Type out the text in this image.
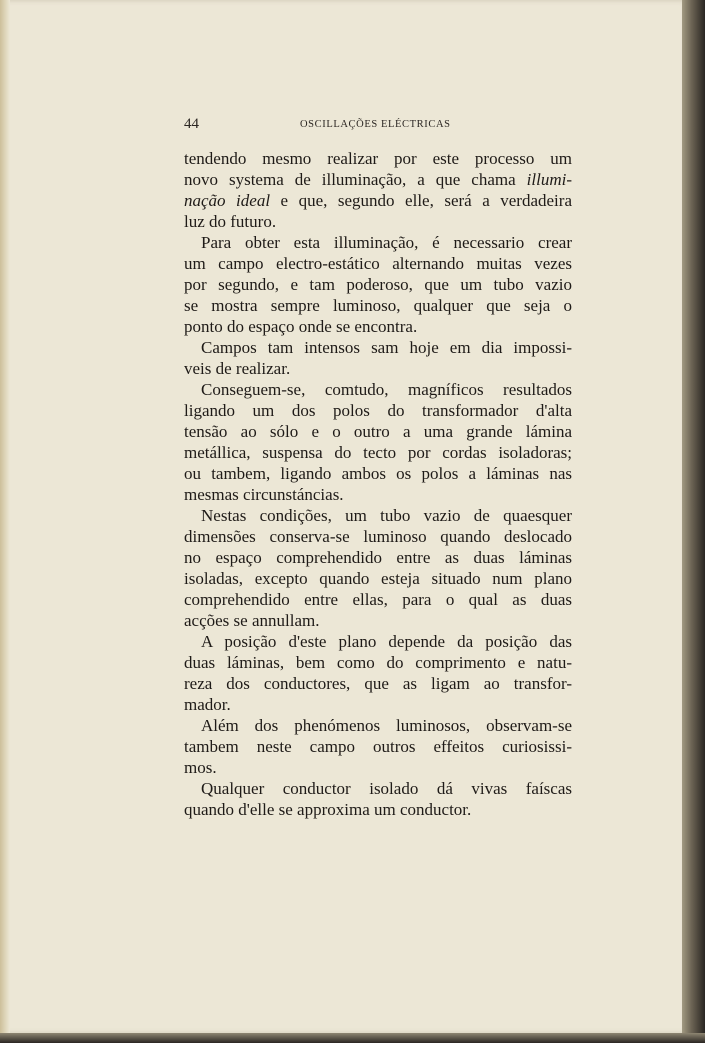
44	OSCILLAÇÕES ELÉCTRICAS
tendendo mesmo realizar por este processo um
novo systema de illuminação, a que chama illumi-
nação ideal e que, segundo elle, será a verdadeira
luz do futuro.
Para obter esta illuminação, é necessario crear
um campo electro-estático alternando muitas vezes
por segundo, e tam poderoso, que um tubo vazio
se mostra sempre luminoso, qualquer que seja o
ponto do espaço onde se encontra.
Campos tam intensos sam hoje em dia impossi-
veis de realizar.
Conseguem-se, comtudo, magníficos resultados
ligando um dos polos do transformador d'alta
tensão ao sólo e o outro a uma grande lámina
metállica, suspensa do tecto por cordas isoladoras;
ou tambem, ligando ambos os polos a láminas nas
mesmas circunstáncias.
Nestas condições, um tubo vazio de quaesquer
dimensões conserva-se luminoso quando deslocado
no espaço comprehendido entre as duas láminas
isoladas, excepto quando esteja situado num plano
comprehendido entre ellas, para o qual as duas
acções se annullam.
A posição d'este plano depende da posição das
duas láminas, bem como do comprimento e natu-
reza dos conductores, que as ligam ao transfor-
mador.
Além dos phenómenos luminosos, observam-se
tambem neste campo outros effeitos curiosissi-
mos.
Qualquer conductor isolado dá vivas faíscas
quando d'elle se approxima um conductor.
